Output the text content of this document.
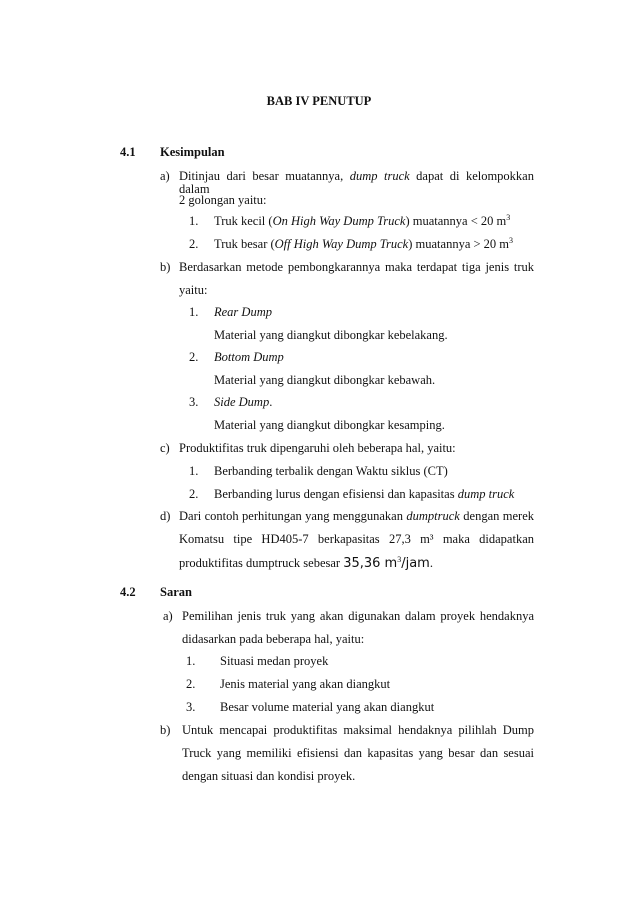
BAB IV PENUTUP
4.1 Kesimpulan
a) Ditinjau dari besar muatannya, dump truck dapat di kelompokkan dalam
2 golongan yaitu:
1. Truk kecil (On High Way Dump Truck) muatannya < 20 $m^3$
2. Truk besar (Off High Way Dump Truck) muatannya > 20 $m^3$
b) Berdasarkan metode pembongkarannya maka terdapat tiga jenis truk
yaitu:
1. Rear Dump
Material yang diangkut dibongkar kebelakang.
2. Bottom Dump
Material yang diangkut dibongkar kebawah.
3. Side Dump.
Material yang diangkut dibongkar kesamping.
c) Produktifitas truk dipengaruhi oleh beberapa hal, yaitu:
1. Berbanding terbalik dengan Waktu siklus (CT)
2. Berbanding lurus dengan efisiensi dan kapasitas dump truck
d) Dari contoh perhitungan yang menggunakan dumptruck dengan merek
Komatsu tipe HD405-7 berkapasitas 27,3 m³ maka didapatkan
produktifitas dumptruck sebesar 35,36 $m^3$/jam.
4.2 Saran
a) Pemilihan jenis truk yang akan digunakan dalam proyek hendaknya
didasarkan pada beberapa hal, yaitu:
1. Situasi medan proyek
2. Jenis material yang akan diangkut
3. Besar volume material yang akan diangkut
b) Untuk mencapai produktifitas maksimal hendaknya pilihlah Dump
Truck yang memiliki efisiensi dan kapasitas yang besar dan sesuai
dengan situasi dan kondisi proyek.
